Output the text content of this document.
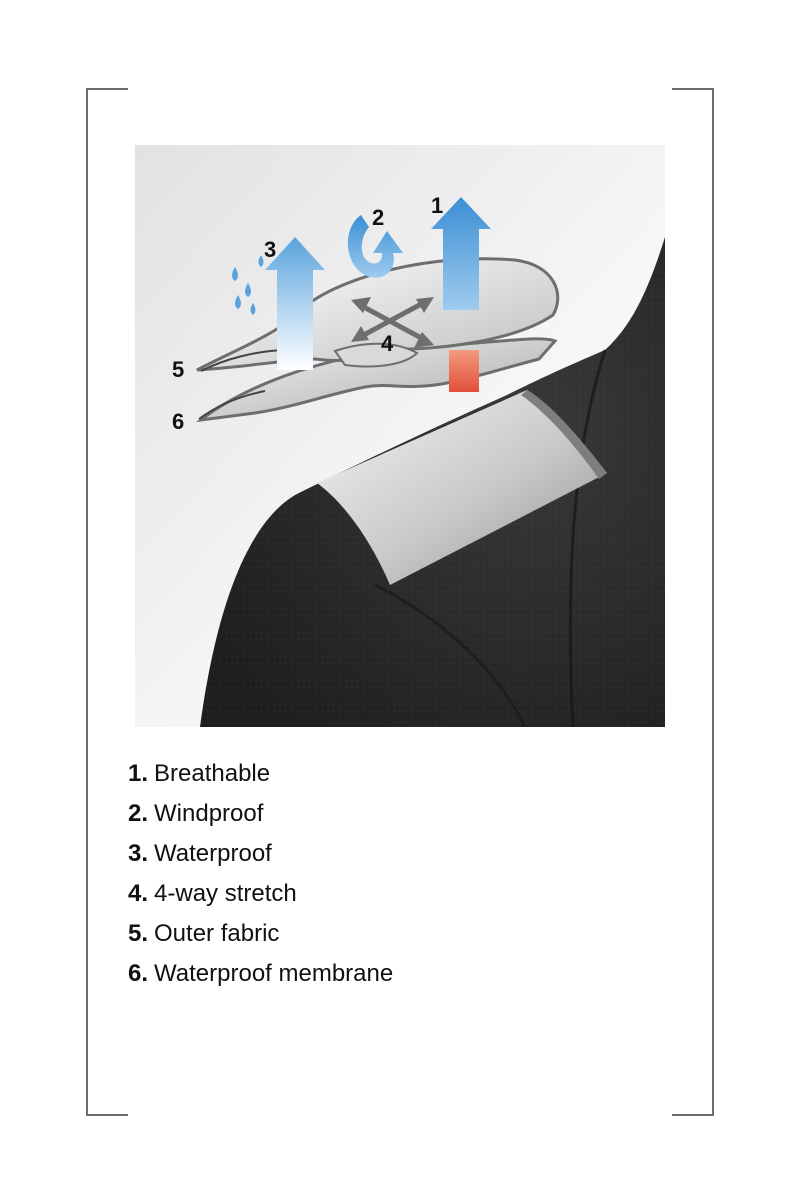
1
2
3
4
5
6
1. Breathable
2. Windproof
3. Waterproof
4. 4-way stretch
5. Outer fabric
6. Waterproof membrane
